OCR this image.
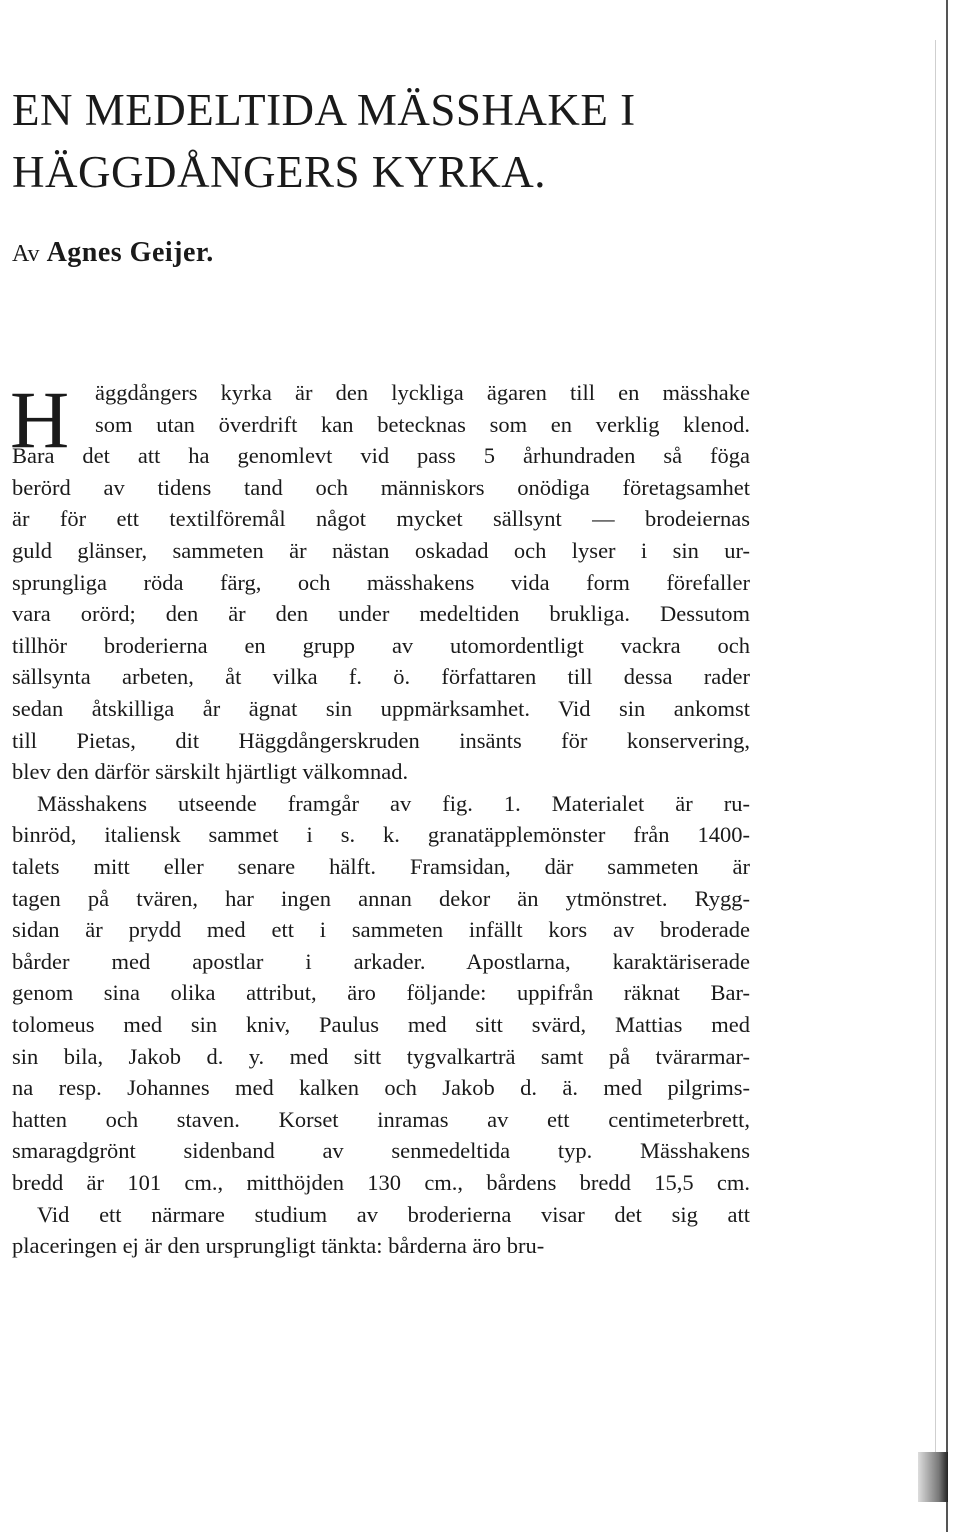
EN MEDELTIDA MÄSSHAKE I
HÄGGDÅNGERS KYRKA.
Av Agnes Geijer.
H äggdångers kyrka är den lyckliga ägaren till en mässhake
som utan överdrift kan betecknas som en verklig klenod.
Bara det att ha genomlevt vid pass 5 århundraden så föga
berörd av tidens tand och människors onödiga företagsamhet
är för ett textilföremål något mycket sällsynt — brodeiernas
guld glänser, sammeten är nästan oskadad och lyser i sin ur-
sprungliga röda färg, och mässhakens vida form förefaller
vara orörd; den är den under medeltiden brukliga. Dessutom
tillhör broderierna en grupp av utomordentligt vackra och
sällsynta arbeten, åt vilka f. ö. författaren till dessa rader
sedan åtskilliga år ägnat sin uppmärksamhet. Vid sin ankomst
till Pietas, dit Häggdångerskruden insänts för konservering,
blev den därför särskilt hjärtligt välkomnad.
Mässhakens utseende framgår av fig. 1. Materialet är ru-
binröd, italiensk sammet i s. k. granatäpplemönster från 1400-
talets mitt eller senare hälft. Framsidan, där sammeten är
tagen på tvären, har ingen annan dekor än ytmönstret. Rygg-
sidan är prydd med ett i sammeten infällt kors av broderade
bårder med apostlar i arkader. Apostlarna, karaktäriserade
genom sina olika attribut, äro följande: uppifrån räknat Bar-
tolomeus med sin kniv, Paulus med sitt svärd, Mattias med
sin bila, Jakob d. y. med sitt tygvalkarträ samt på tvärarmar-
na resp. Johannes med kalken och Jakob d. ä. med pilgrims-
hatten och staven. Korset inramas av ett centimeterbrett,
smaragdgrönt sidenband av senmedeltida typ. Mässhakens
bredd är 101 cm., mitthöjden 130 cm., bårdens bredd 15,5 cm.
Vid ett närmare studium av broderierna visar det sig att
placeringen ej är den ursprungligt tänkta: bårderna äro bru-
